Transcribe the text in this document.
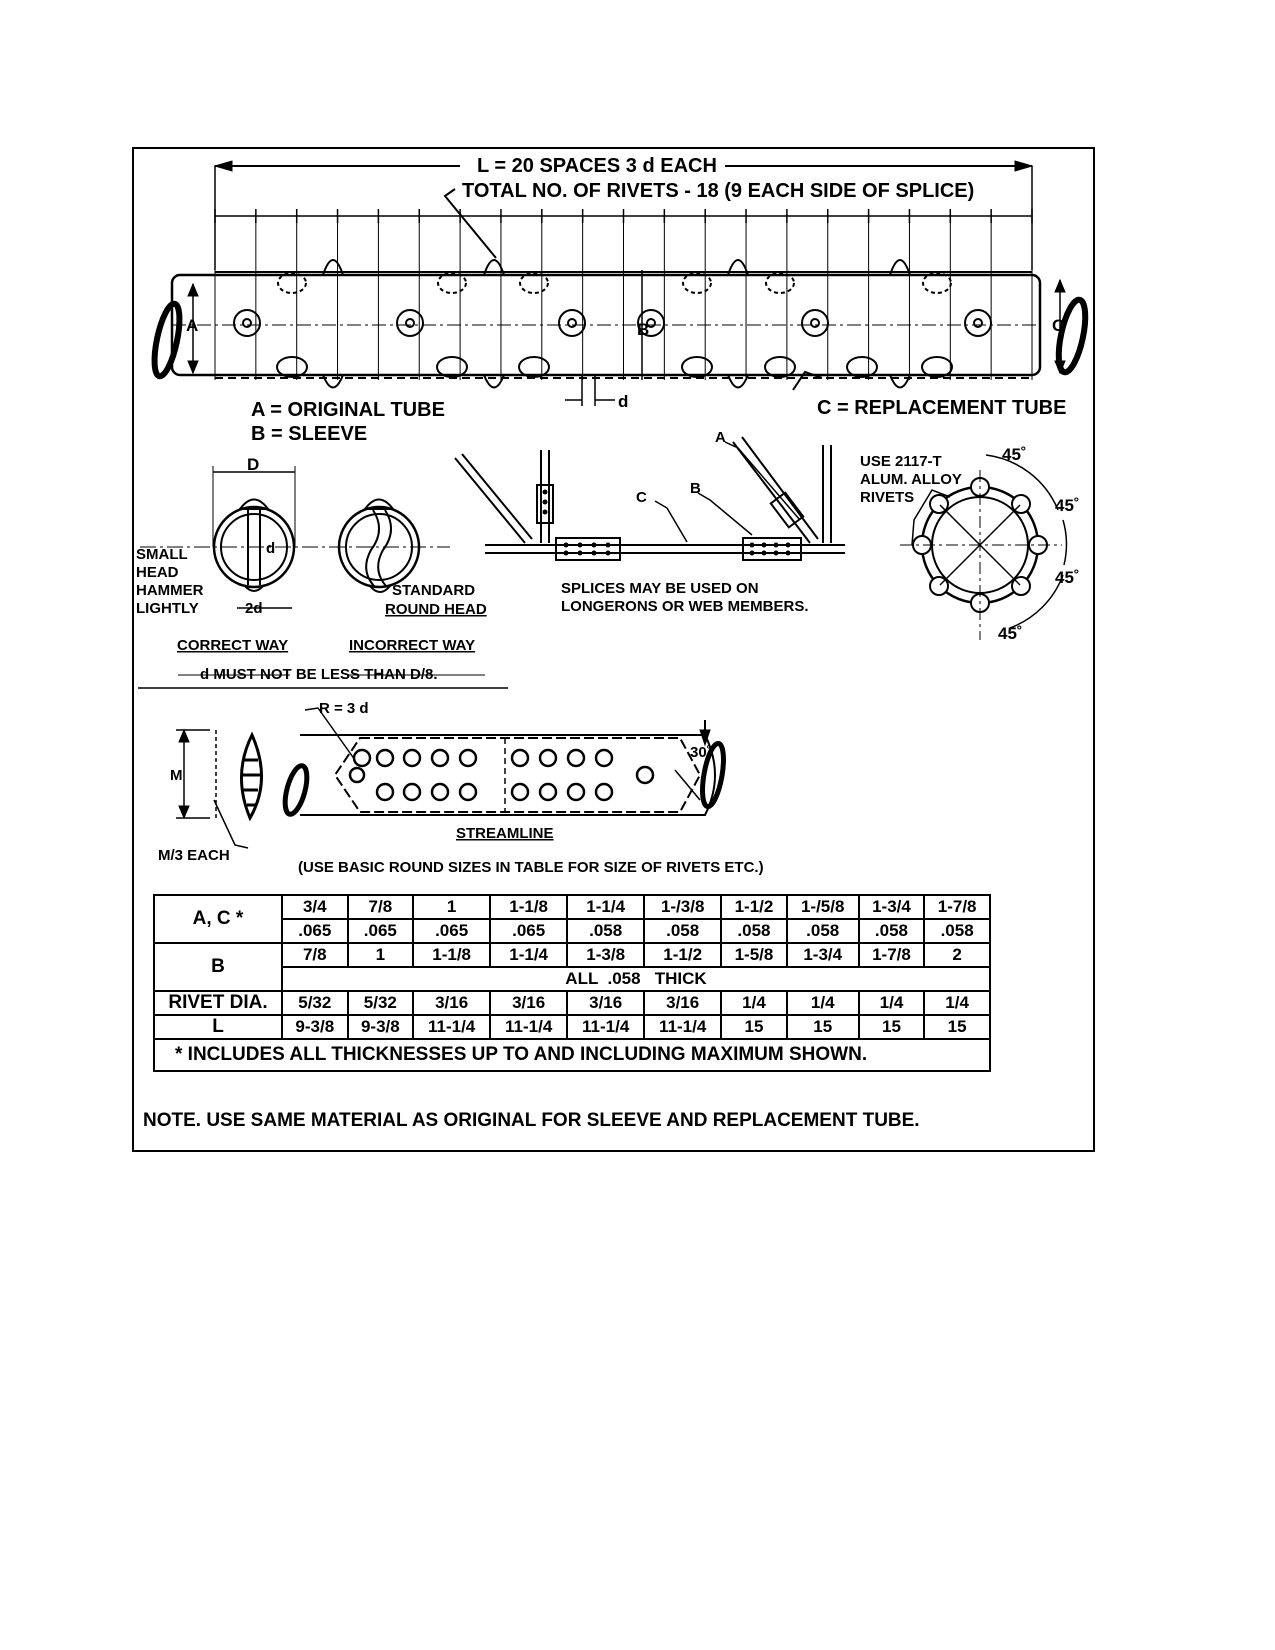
L = 20 SPACES 3 d EACH
TOTAL NO. OF RIVETS - 18 (9 EACH SIDE OF SPLICE)
A	B	C
d
A = ORIGINAL TUBE
B = SLEEVE
C = REPLACEMENT TUBE
D
d
SMALL
HEAD
HAMMER
LIGHTLY	2d
STANDARD
ROUND HEAD
CORRECT WAY	INCORRECT WAY
d MUST NOT BE LESS THAN D/8.
A
B
C
SPLICES MAY BE USED ON
LONGERONS OR WEB MEMBERS.
USE 2117-T
ALUM. ALLOY
RIVETS
45˚
45˚
45˚
45˚
R = 3 d
M
30˚
M/3 EACH
STREAMLINE
(USE BASIC ROUND SIZES IN TABLE FOR SIZE OF RIVETS ETC.)
A, C *	3/4	7/8	1	1-1/8	1-1/4	1-/3/8	1-1/2	1-/5/8	1-3/4	1-7/8
	.065	.065	.065	.065	.058	.058	.058	.058	.058	.058
B	7/8	1	1-1/8	1-1/4	1-3/8	1-1/2	1-5/8	1-3/4	1-7/8	2
	ALL  .058   THICK									
RIVET DIA.	5/32	5/32	3/16	3/16	3/16	3/16	1/4	1/4	1/4	1/4
L	9-3/8	9-3/8	11-1/4	11-1/4	11-1/4	11-1/4	15	15	15	15
* INCLUDES ALL THICKNESSES UP TO AND INCLUDING MAXIMUM SHOWN.										
NOTE. USE SAME MATERIAL AS ORIGINAL FOR SLEEVE AND REPLACEMENT TUBE.
